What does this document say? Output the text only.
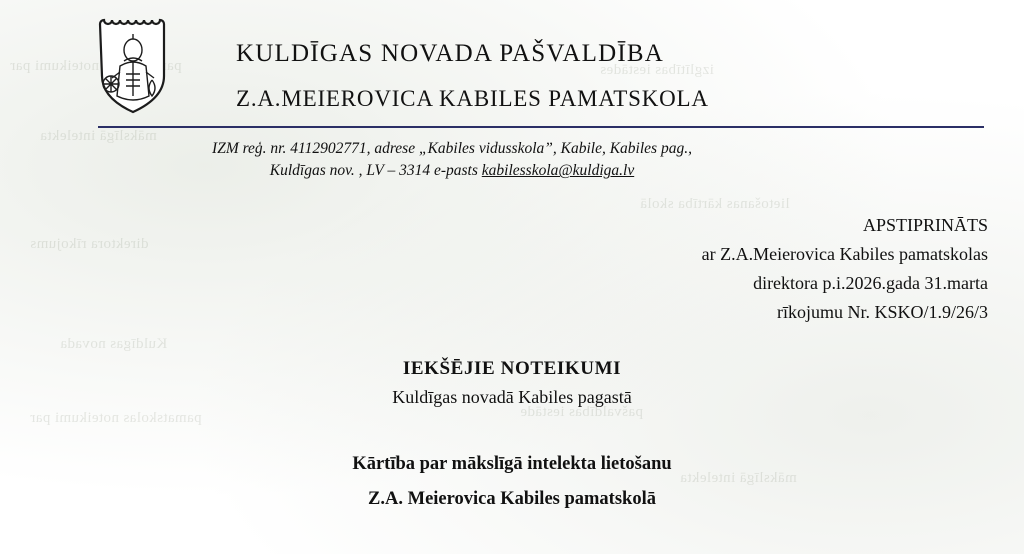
pamatskolas noteikumi par	izglītības iestādes
mākslīgā intelekta
lietošanas kārtība skolā
direktora rīkojums
Kuldīgas novada
pašvaldības iestāde
pamatskolas noteikumi par
mākslīgā intelekta
KULDĪGAS NOVADA PAŠVALDĪBA
Z.A.MEIEROVICA KABILES PAMATSKOLA
IZM reģ. nr. 4112902771, adrese „Kabiles vidusskola”, Kabile, Kabiles pag.,
Kuldīgas nov. , LV – 3314 e-pasts kabilesskola@kuldiga.lv
APSTIPRINĀTS
ar Z.A.Meierovica Kabiles pamatskolas
direktora p.i.2026.gada 31.marta
rīkojumu Nr. KSKO/1.9/26/3
IEKŠĒJIE NOTEIKUMI
Kuldīgas novadā Kabiles pagastā
Kārtība par mākslīgā intelekta lietošanu
Z.A. Meierovica Kabiles pamatskolā
